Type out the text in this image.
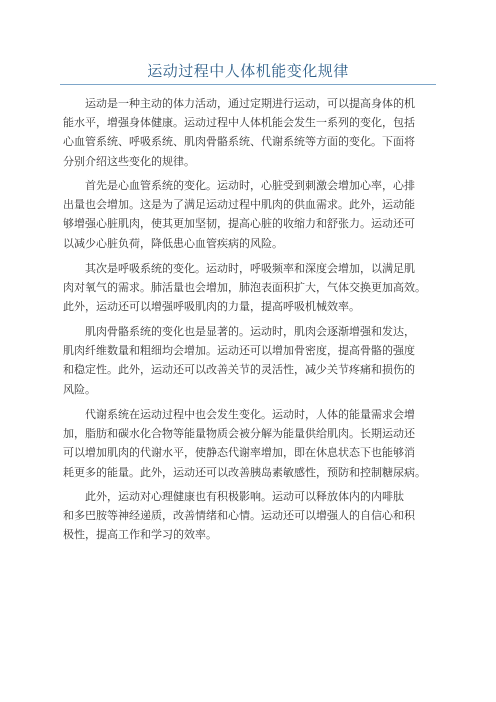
运动过程中人体机能变化规律
运动是一种主动的体力活动，通过定期进行运动，可以提高身体的机
能水平，增强身体健康。运动过程中人体机能会发生一系列的变化，包括
心血管系统、呼吸系统、肌肉骨骼系统、代谢系统等方面的变化。下面将
分别介绍这些变化的规律。
首先是心血管系统的变化。运动时，心脏受到刺激会增加心率，心排
出量也会增加。这是为了满足运动过程中肌肉的供血需求。此外，运动能
够增强心脏肌肉，使其更加坚韧，提高心脏的收缩力和舒张力。运动还可
以减少心脏负荷，降低患心血管疾病的风险。
其次是呼吸系统的变化。运动时，呼吸频率和深度会增加，以满足肌
肉对氧气的需求。肺活量也会增加，肺泡表面积扩大，气体交换更加高效。
此外，运动还可以增强呼吸肌肉的力量，提高呼吸机械效率。
肌肉骨骼系统的变化也是显著的。运动时，肌肉会逐渐增强和发达，
肌肉纤维数量和粗细均会增加。运动还可以增加骨密度，提高骨骼的强度
和稳定性。此外，运动还可以改善关节的灵活性，减少关节疼痛和损伤的
风险。
代谢系统在运动过程中也会发生变化。运动时，人体的能量需求会增
加，脂肪和碳水化合物等能量物质会被分解为能量供给肌肉。长期运动还
可以增加肌肉的代谢水平，使静态代谢率增加，即在休息状态下也能够消
耗更多的能量。此外，运动还可以改善胰岛素敏感性，预防和控制糖尿病。
此外，运动对心理健康也有积极影响。运动可以释放体内的内啡肽
和多巴胺等神经递质，改善情绪和心情。运动还可以增强人的自信心和积
极性，提高工作和学习的效率。
